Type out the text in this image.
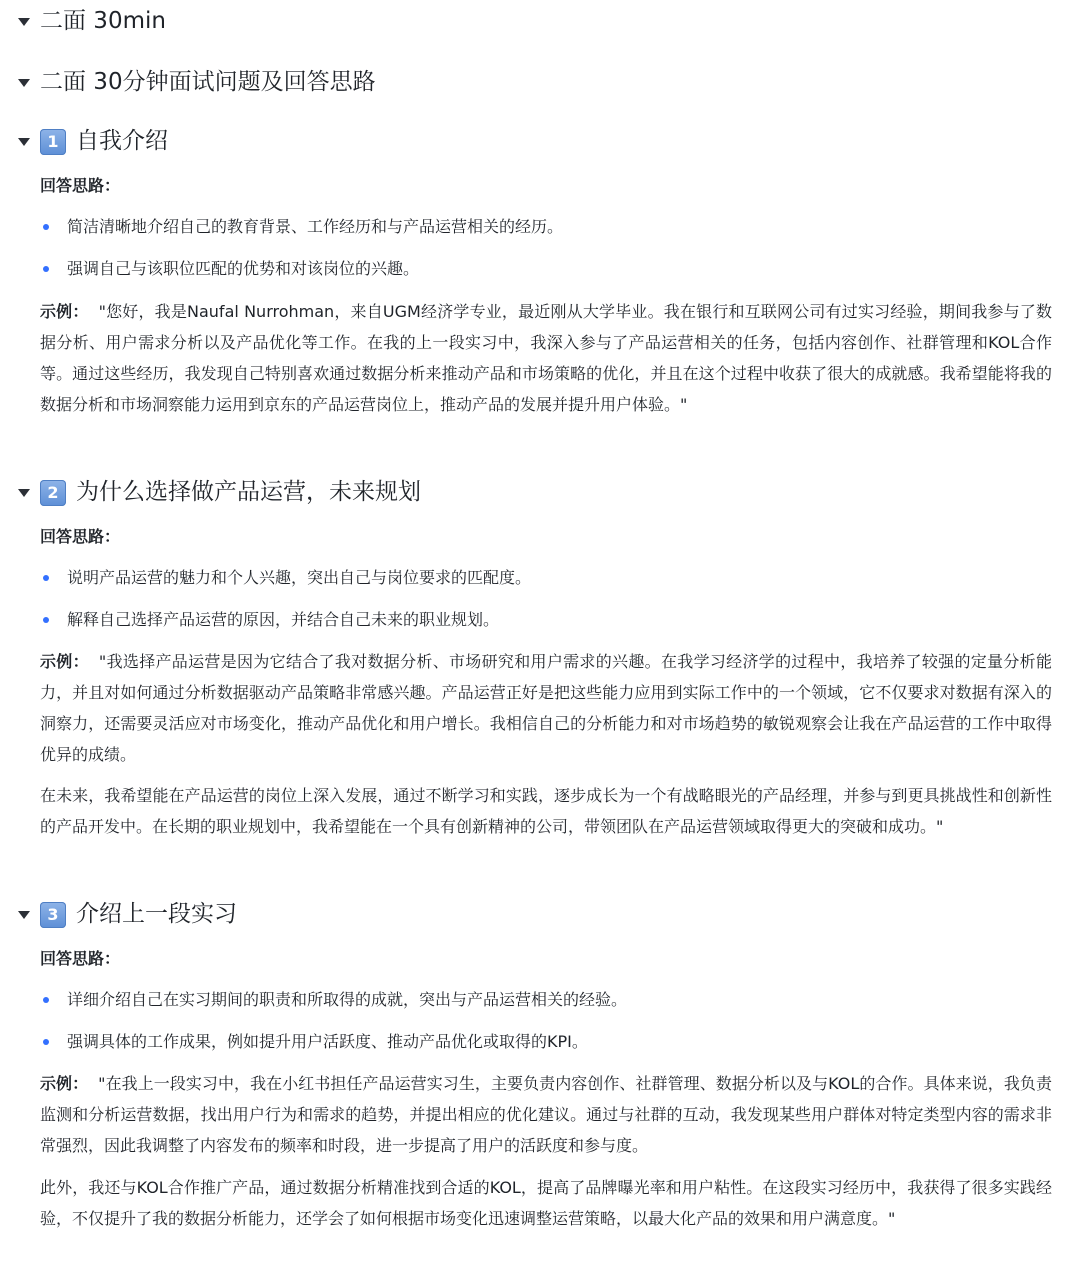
二面 30min
二面 30分钟面试问题及回答思路
1 自我介绍
回答思路：
简洁清晰地介绍自己的教育背景、工作经历和与产品运营相关的经历。
强调自己与该职位匹配的优势和对该岗位的兴趣。
示例： "您好，我是Naufal Nurrohman，来自UGM经济学专业，最近刚从大学毕业。我在银行和互联网公司有过实习经验，期间我参与了数据分析、用户需求分析以及产品优化等工作。在我的上一段实习中，我深入参与了产品运营相关的任务，包括内容创作、社群管理和KOL合作等。通过这些经历，我发现自己特别喜欢通过数据分析来推动产品和市场策略的优化，并且在这个过程中收获了很大的成就感。我希望能将我的数据分析和市场洞察能力运用到京东的产品运营岗位上，推动产品的发展并提升用户体验。"
2 为什么选择做产品运营，未来规划
回答思路：
说明产品运营的魅力和个人兴趣，突出自己与岗位要求的匹配度。
解释自己选择产品运营的原因，并结合自己未来的职业规划。
示例： "我选择产品运营是因为它结合了我对数据分析、市场研究和用户需求的兴趣。在我学习经济学的过程中，我培养了较强的定量分析能力，并且对如何通过分析数据驱动产品策略非常感兴趣。产品运营正好是把这些能力应用到实际工作中的一个领域，它不仅要求对数据有深入的洞察力，还需要灵活应对市场变化，推动产品优化和用户增长。我相信自己的分析能力和对市场趋势的敏锐观察会让我在产品运营的工作中取得优异的成绩。
在未来，我希望能在产品运营的岗位上深入发展，通过不断学习和实践，逐步成长为一个有战略眼光的产品经理，并参与到更具挑战性和创新性的产品开发中。在长期的职业规划中，我希望能在一个具有创新精神的公司，带领团队在产品运营领域取得更大的突破和成功。"
3 介绍上一段实习
回答思路：
详细介绍自己在实习期间的职责和所取得的成就，突出与产品运营相关的经验。
强调具体的工作成果，例如提升用户活跃度、推动产品优化或取得的KPI。
示例： "在我上一段实习中，我在小红书担任产品运营实习生，主要负责内容创作、社群管理、数据分析以及与KOL的合作。具体来说，我负责监测和分析运营数据，找出用户行为和需求的趋势，并提出相应的优化建议。通过与社群的互动，我发现某些用户群体对特定类型内容的需求非常强烈，因此我调整了内容发布的频率和时段，进一步提高了用户的活跃度和参与度。
此外，我还与KOL合作推广产品，通过数据分析精准找到合适的KOL，提高了品牌曝光率和用户粘性。在这段实习经历中，我获得了很多实践经验，不仅提升了我的数据分析能力，还学会了如何根据市场变化迅速调整运营策略，以最大化产品的效果和用户满意度。"
